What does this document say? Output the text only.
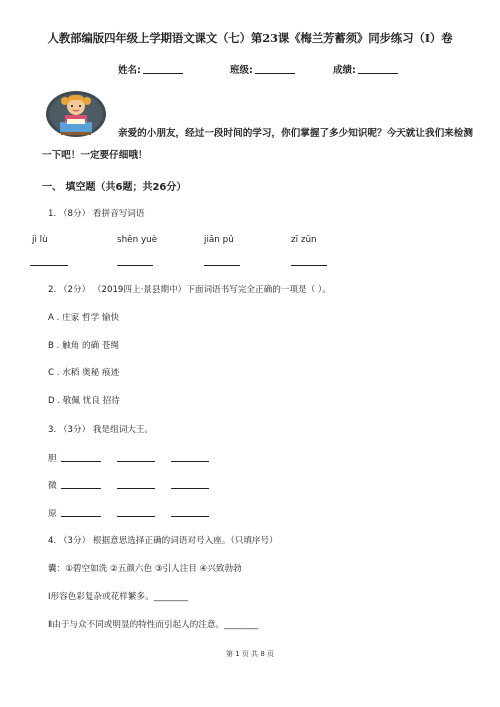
人教部编版四年级上学期语文课文（七）第23课《梅兰芳蓄须》同步练习（I）卷
姓名:	班级:	成绩:
亲爱的小朋友，经过一段时间的学习，你们掌握了多少知识呢？今天就让我们来检测
一下吧！一定要仔细哦！
一、 填空题（共6题；共26分）
1. （8分） 看拼音写词语
jì lù	shēn yuè	jiān pǔ	zī zūn
2. （2分） （2019四上·景县期中）下面词语书写完全正确的一项是（ ）。
A . 庄家 哲学 愉快
B . 触角 的确 苍绳
C . 水稻 奥秘 痕迹
D . 敬佩 忧良 招待
3. （3分） 我是组词大王。
胆
微
原
4. （3分） 根据意思选择正确的词语对号入座。（只填序号）
囊：①碧空如洗 ②五颜六色 ③引人注目 ④兴致勃勃
Ⅰ形容色彩复杂或花样繁多。________
Ⅱ由于与众不同或明显的特性而引起人的注意。________
第 1 页 共 8 页
